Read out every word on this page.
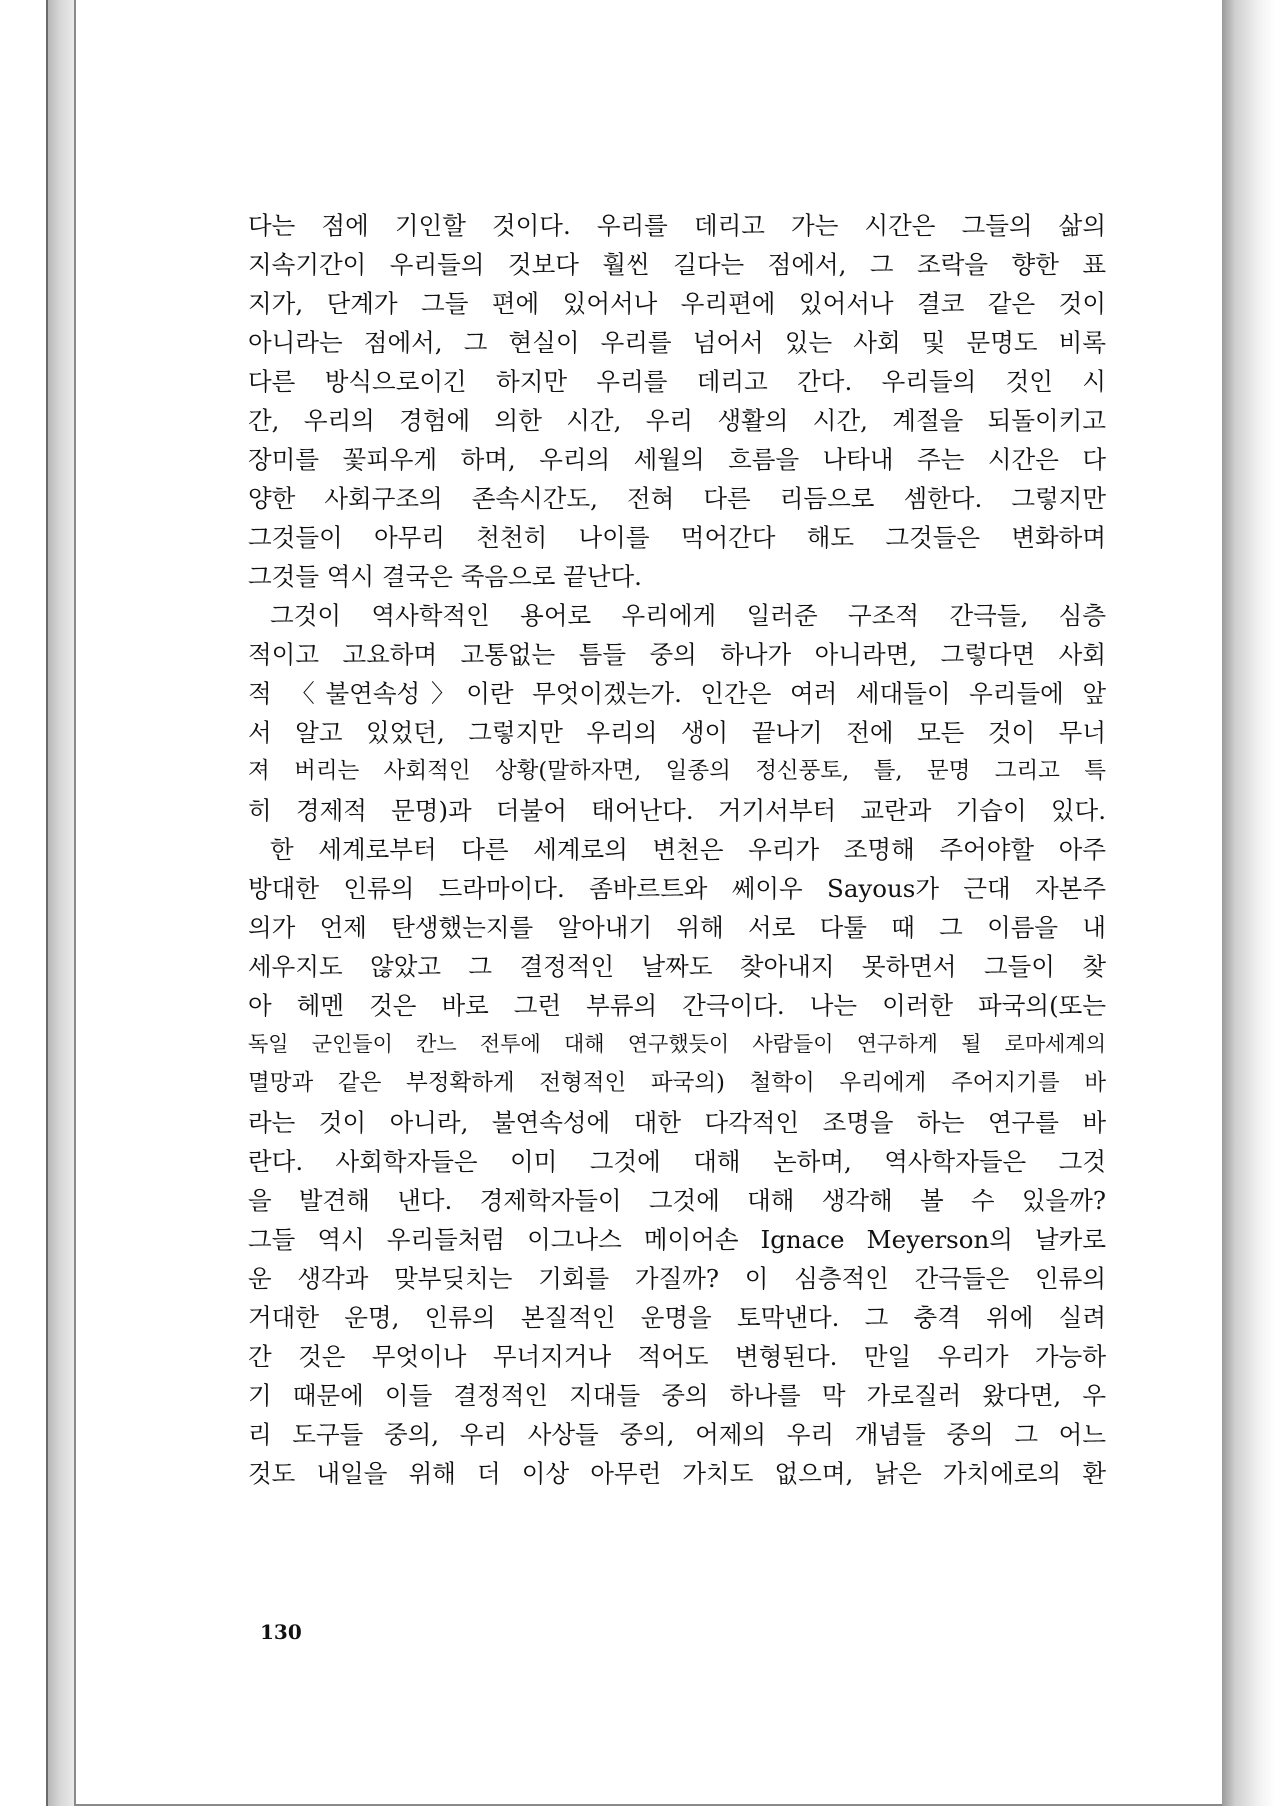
다는 점에 기인할 것이다. 우리를 데리고 가는 시간은 그들의 삶의
지속기간이 우리들의 것보다 훨씬 길다는 점에서, 그 조락을 향한 표
지가, 단계가 그들 편에 있어서나 우리편에 있어서나 결코 같은 것이
아니라는 점에서, 그 현실이 우리를 넘어서 있는 사회 및 문명도 비록
다른 방식으로이긴 하지만 우리를 데리고 간다. 우리들의 것인 시
간, 우리의 경험에 의한 시간, 우리 생활의 시간, 계절을 되돌이키고
장미를 꽃피우게 하며, 우리의 세월의 흐름을 나타내 주는 시간은 다
양한 사회구조의 존속시간도, 전혀 다른 리듬으로 셈한다. 그렇지만
그것들이 아무리 천천히 나이를 먹어간다 해도 그것들은 변화하며
그것들 역시 결국은 죽음으로 끝난다.
그것이 역사학적인 용어로 우리에게 일러준 구조적 간극들, 심층
적이고 고요하며 고통없는 틈들 중의 하나가 아니라면, 그렇다면 사회
적 〈불연속성〉이란 무엇이겠는가. 인간은 여러 세대들이 우리들에 앞
서 알고 있었던, 그렇지만 우리의 생이 끝나기 전에 모든 것이 무너
져 버리는 사회적인 상황(말하자면, 일종의 정신풍토, 틀, 문명 그리고 특
히 경제적 문명)과 더불어 태어난다. 거기서부터 교란과 기습이 있다.
한 세계로부터 다른 세계로의 변천은 우리가 조명해 주어야할 아주
방대한 인류의 드라마이다. 좀바르트와 쎄이우 Sayous가 근대 자본주
의가 언제 탄생했는지를 알아내기 위해 서로 다툴 때 그 이름을 내
세우지도 않았고 그 결정적인 날짜도 찾아내지 못하면서 그들이 찾
아 헤멘 것은 바로 그런 부류의 간극이다. 나는 이러한 파국의(또는
독일 군인들이 칸느 전투에 대해 연구했듯이 사람들이 연구하게 될 로마세계의
멸망과 같은 부정확하게 전형적인 파국의) 철학이 우리에게 주어지기를 바
라는 것이 아니라, 불연속성에 대한 다각적인 조명을 하는 연구를 바
란다. 사회학자들은 이미 그것에 대해 논하며, 역사학자들은 그것
을 발견해 낸다. 경제학자들이 그것에 대해 생각해 볼 수 있을까?
그들 역시 우리들처럼 이그나스 메이어손 Ignace Meyerson의 날카로
운 생각과 맞부딪치는 기회를 가질까? 이 심층적인 간극들은 인류의
거대한 운명, 인류의 본질적인 운명을 토막낸다. 그 충격 위에 실려
간 것은 무엇이나 무너지거나 적어도 변형된다. 만일 우리가 가능하
기 때문에 이들 결정적인 지대들 중의 하나를 막 가로질러 왔다면, 우
리 도구들 중의, 우리 사상들 중의, 어제의 우리 개념들 중의 그 어느
것도 내일을 위해 더 이상 아무런 가치도 없으며, 낡은 가치에로의 환
130
